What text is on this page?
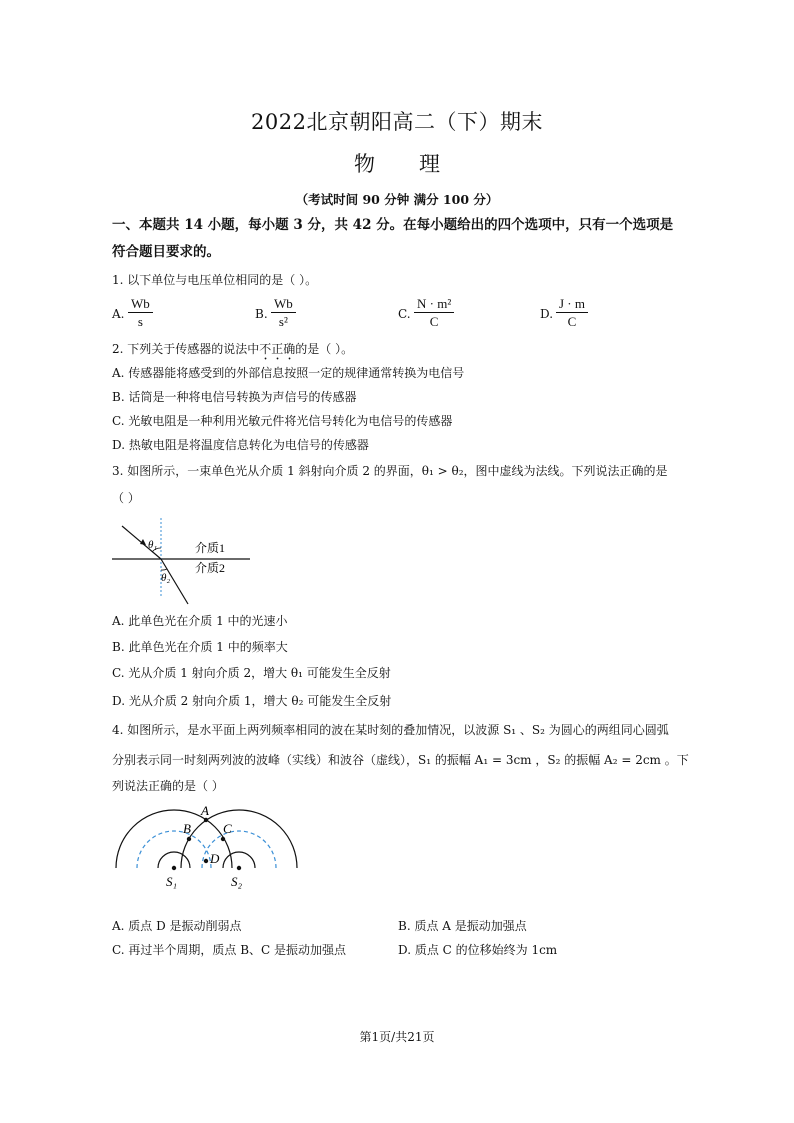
2022北京朝阳高二（下）期末
物 理
（考试时间 90 分钟 满分 100 分）
一、本题共 14 小题，每小题 3 分，共 42 分。在每小题给出的四个选项中，只有一个选项是
符合题目要求的。
1. 以下单位与电压单位相同的是（ ）。
A. $\frac{Wb}{s}$	B. $\frac{Wb}{\text{s²}}$	C. $\frac{\text{N · m²}}{C}$	D. $\frac{J \cdot m}{C}$
2. 下列关于传感器的说法中不正确的是（ ）。
A. 传感器能将感受到的外部信息按照一定的规律通常转换为电信号
B. 话筒是一种将电信号转换为声信号的传感器
C. 光敏电阻是一种利用光敏元件将光信号转化为电信号的传感器
D. 热敏电阻是将温度信息转化为电信号的传感器
3. 如图所示，一束单色光从介质 1 斜射向介质 2 的界面，θ₁ > θ₂，图中虚线为法线。下列说法正确的是
（ ）
θ₁
θ₂
介质1
介质2
A. 此单色光在介质 1 中的光速小
B. 此单色光在介质 1 中的频率大
C. 光从介质 1 射向介质 2，增大 θ₁ 可能发生全反射
D. 光从介质 2 射向介质 1，增大 θ₂ 可能发生全反射
4. 如图所示，是水平面上两列频率相同的波在某时刻的叠加情况，以波源 S₁ 、S₂ 为圆心的两组同心圆弧
分别表示同一时刻两列波的波峰（实线）和波谷（虚线），S₁ 的振幅 A₁ = 3cm ，S₂ 的振幅 A₂ = 2cm 。下
列说法正确的是（ ）
A
B C
D
S₁	S₂
A. 质点 D 是振动削弱点	B. 质点 A 是振动加强点
C. 再过半个周期，质点 B、C 是振动加强点	D. 质点 C 的位移始终为 1cm
第1页/共21页
